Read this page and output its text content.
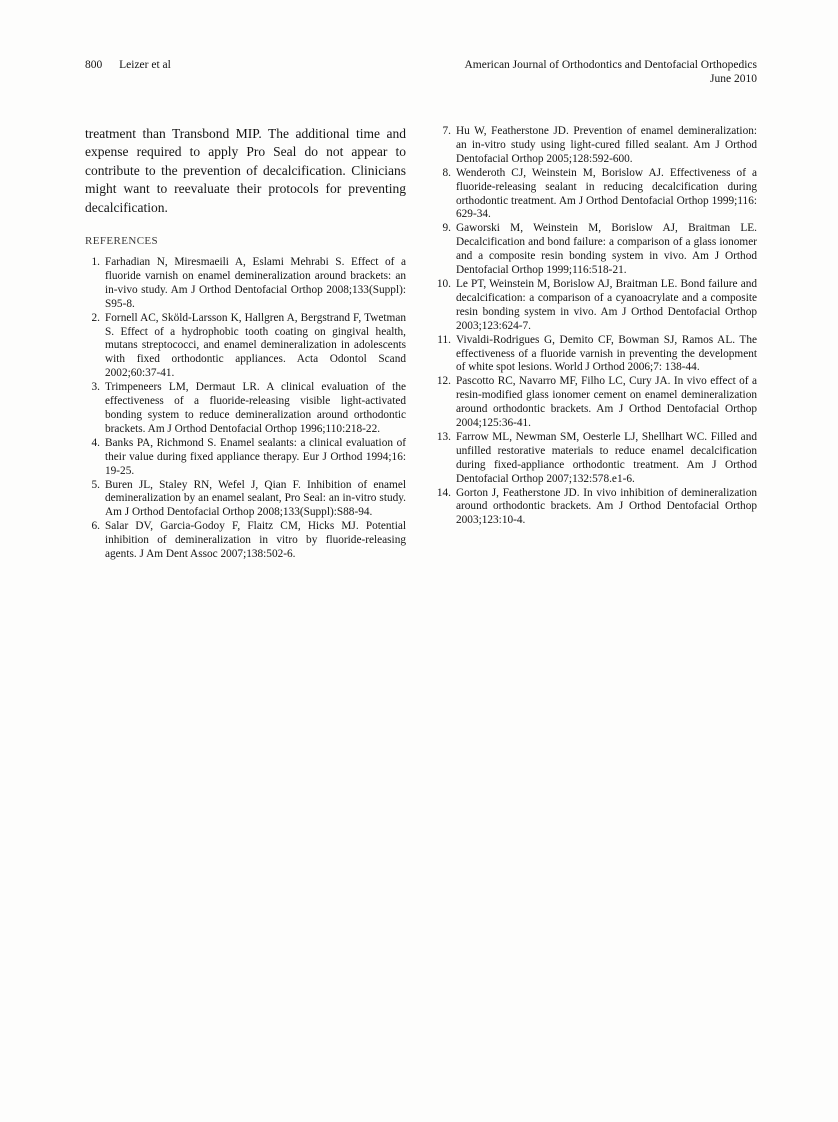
800 Leizer et al	American Journal of Orthodontics and Dentofacial Orthopedics
June 2010

treatment than Transbond MIP. The additional time and expense required to apply Pro Seal do not appear to contribute to the prevention of decalcification. Clinicians might want to reevaluate their protocols for preventing decalcification.

REFERENCES
1. Farhadian N, Miresmaeili A, Eslami Mehrabi S. Effect of a fluoride varnish on enamel demineralization around brackets: an in-vivo study. Am J Orthod Dentofacial Orthop 2008;133(Suppl): S95-8.
2. Fornell AC, Sköld-Larsson K, Hallgren A, Bergstrand F, Twetman S. Effect of a hydrophobic tooth coating on gingival health, mutans streptococci, and enamel demineralization in adolescents with fixed orthodontic appliances. Acta Odontol Scand 2002;60:37-41.
3. Trimpeneers LM, Dermaut LR. A clinical evaluation of the effectiveness of a fluoride-releasing visible light-activated bonding system to reduce demineralization around orthodontic brackets. Am J Orthod Dentofacial Orthop 1996;110:218-22.
4. Banks PA, Richmond S. Enamel sealants: a clinical evaluation of their value during fixed appliance therapy. Eur J Orthod 1994;16: 19-25.
5. Buren JL, Staley RN, Wefel J, Qian F. Inhibition of enamel demineralization by an enamel sealant, Pro Seal: an in-vitro study. Am J Orthod Dentofacial Orthop 2008;133(Suppl):S88-94.
6. Salar DV, Garcia-Godoy F, Flaitz CM, Hicks MJ. Potential inhibition of demineralization in vitro by fluoride-releasing agents. J Am Dent Assoc 2007;138:502-6.
7. Hu W, Featherstone JD. Prevention of enamel demineralization: an in-vitro study using light-cured filled sealant. Am J Orthod Dentofacial Orthop 2005;128:592-600.
8. Wenderoth CJ, Weinstein M, Borislow AJ. Effectiveness of a fluoride-releasing sealant in reducing decalcification during orthodontic treatment. Am J Orthod Dentofacial Orthop 1999;116: 629-34.
9. Gaworski M, Weinstein M, Borislow AJ, Braitman LE. Decalcification and bond failure: a comparison of a glass ionomer and a composite resin bonding system in vivo. Am J Orthod Dentofacial Orthop 1999;116:518-21.
10. Le PT, Weinstein M, Borislow AJ, Braitman LE. Bond failure and decalcification: a comparison of a cyanoacrylate and a composite resin bonding system in vivo. Am J Orthod Dentofacial Orthop 2003;123:624-7.
11. Vivaldi-Rodrigues G, Demito CF, Bowman SJ, Ramos AL. The effectiveness of a fluoride varnish in preventing the development of white spot lesions. World J Orthod 2006;7: 138-44.
12. Pascotto RC, Navarro MF, Filho LC, Cury JA. In vivo effect of a resin-modified glass ionomer cement on enamel demineralization around orthodontic brackets. Am J Orthod Dentofacial Orthop 2004;125:36-41.
13. Farrow ML, Newman SM, Oesterle LJ, Shellhart WC. Filled and unfilled restorative materials to reduce enamel decalcification during fixed-appliance orthodontic treatment. Am J Orthod Dentofacial Orthop 2007;132:578.e1-6.
14. Gorton J, Featherstone JD. In vivo inhibition of demineralization around orthodontic brackets. Am J Orthod Dentofacial Orthop 2003;123:10-4.
